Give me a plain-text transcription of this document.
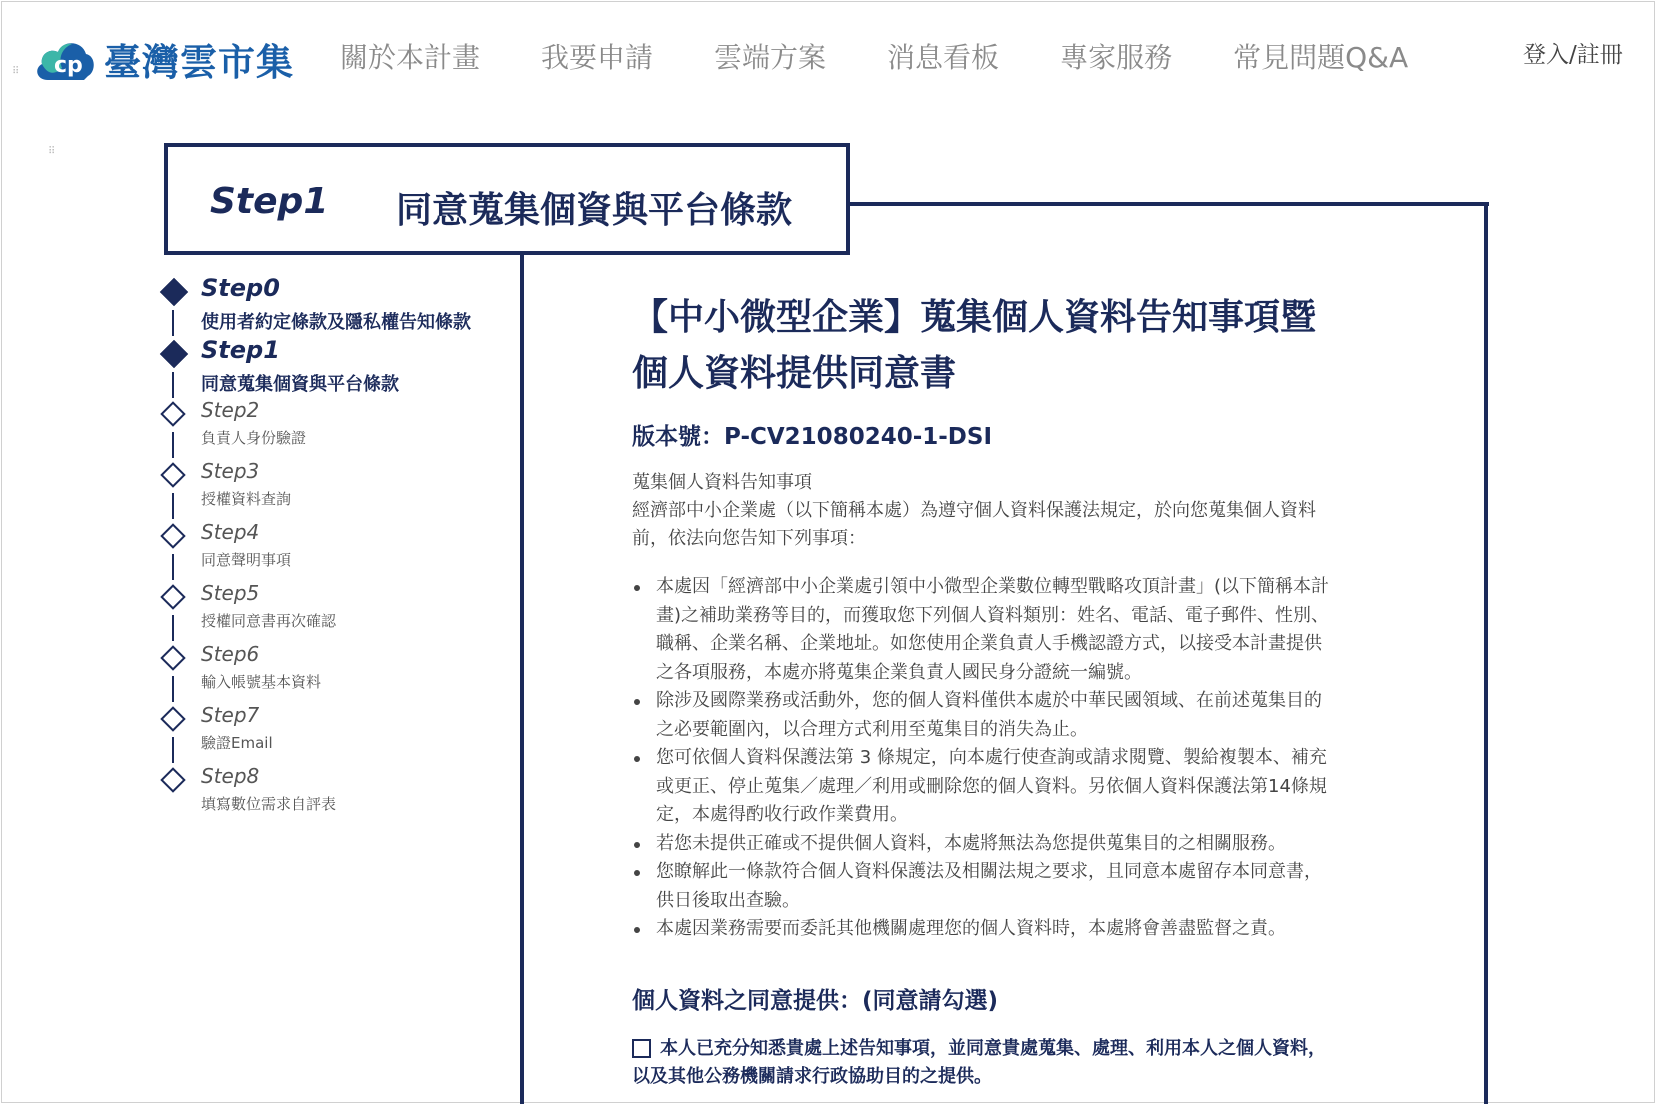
cp 臺灣雲市集 關於本計畫 我要申請 雲端方案 消息看板 專家服務 常見問題Q&A	登入/註冊
⠿
⠿
Step1 同意蒐集個資與平台條款
Step0
使用者約定條款及隱私權告知條款
Step1
同意蒐集個資與平台條款
Step2
負責人身份驗證
Step3
授權資料查詢
Step4
同意聲明事項
Step5
授權同意書再次確認
Step6
輸入帳號基本資料
Step7
驗證Email
Step8
填寫數位需求自評表
【中小微型企業】蒐集個人資料告知事項暨
個人資料提供同意書
版本號：P-CV21080240-1-DSI
蒐集個人資料告知事項
經濟部中小企業處（以下簡稱本處）為遵守個人資料保護法規定，於向您蒐集個人資料
前，依法向您告知下列事項：
本處因「經濟部中小企業處引領中小微型企業數位轉型戰略攻頂計畫」(以下簡稱本計
畫)之補助業務等目的，而獲取您下列個人資料類別：姓名、電話、電子郵件、性別、
職稱、企業名稱、企業地址。如您使用企業負責人手機認證方式，以接受本計畫提供
之各項服務，本處亦將蒐集企業負責人國民身分證統一編號。
除涉及國際業務或活動外，您的個人資料僅供本處於中華民國領域、在前述蒐集目的
之必要範圍內，以合理方式利用至蒐集目的消失為止。
您可依個人資料保護法第 3 條規定，向本處行使查詢或請求閱覽、製給複製本、補充
或更正、停止蒐集／處理／利用或刪除您的個人資料。另依個人資料保護法第14條規
定，本處得酌收行政作業費用。
若您未提供正確或不提供個人資料，本處將無法為您提供蒐集目的之相關服務。
您瞭解此一條款符合個人資料保護法及相關法規之要求，且同意本處留存本同意書，
供日後取出查驗。
本處因業務需要而委託其他機關處理您的個人資料時，本處將會善盡監督之責。
個人資料之同意提供：(同意請勾選)
本人已充分知悉貴處上述告知事項，並同意貴處蒐集、處理、利用本人之個人資料，
以及其他公務機關請求行政協助目的之提供。
